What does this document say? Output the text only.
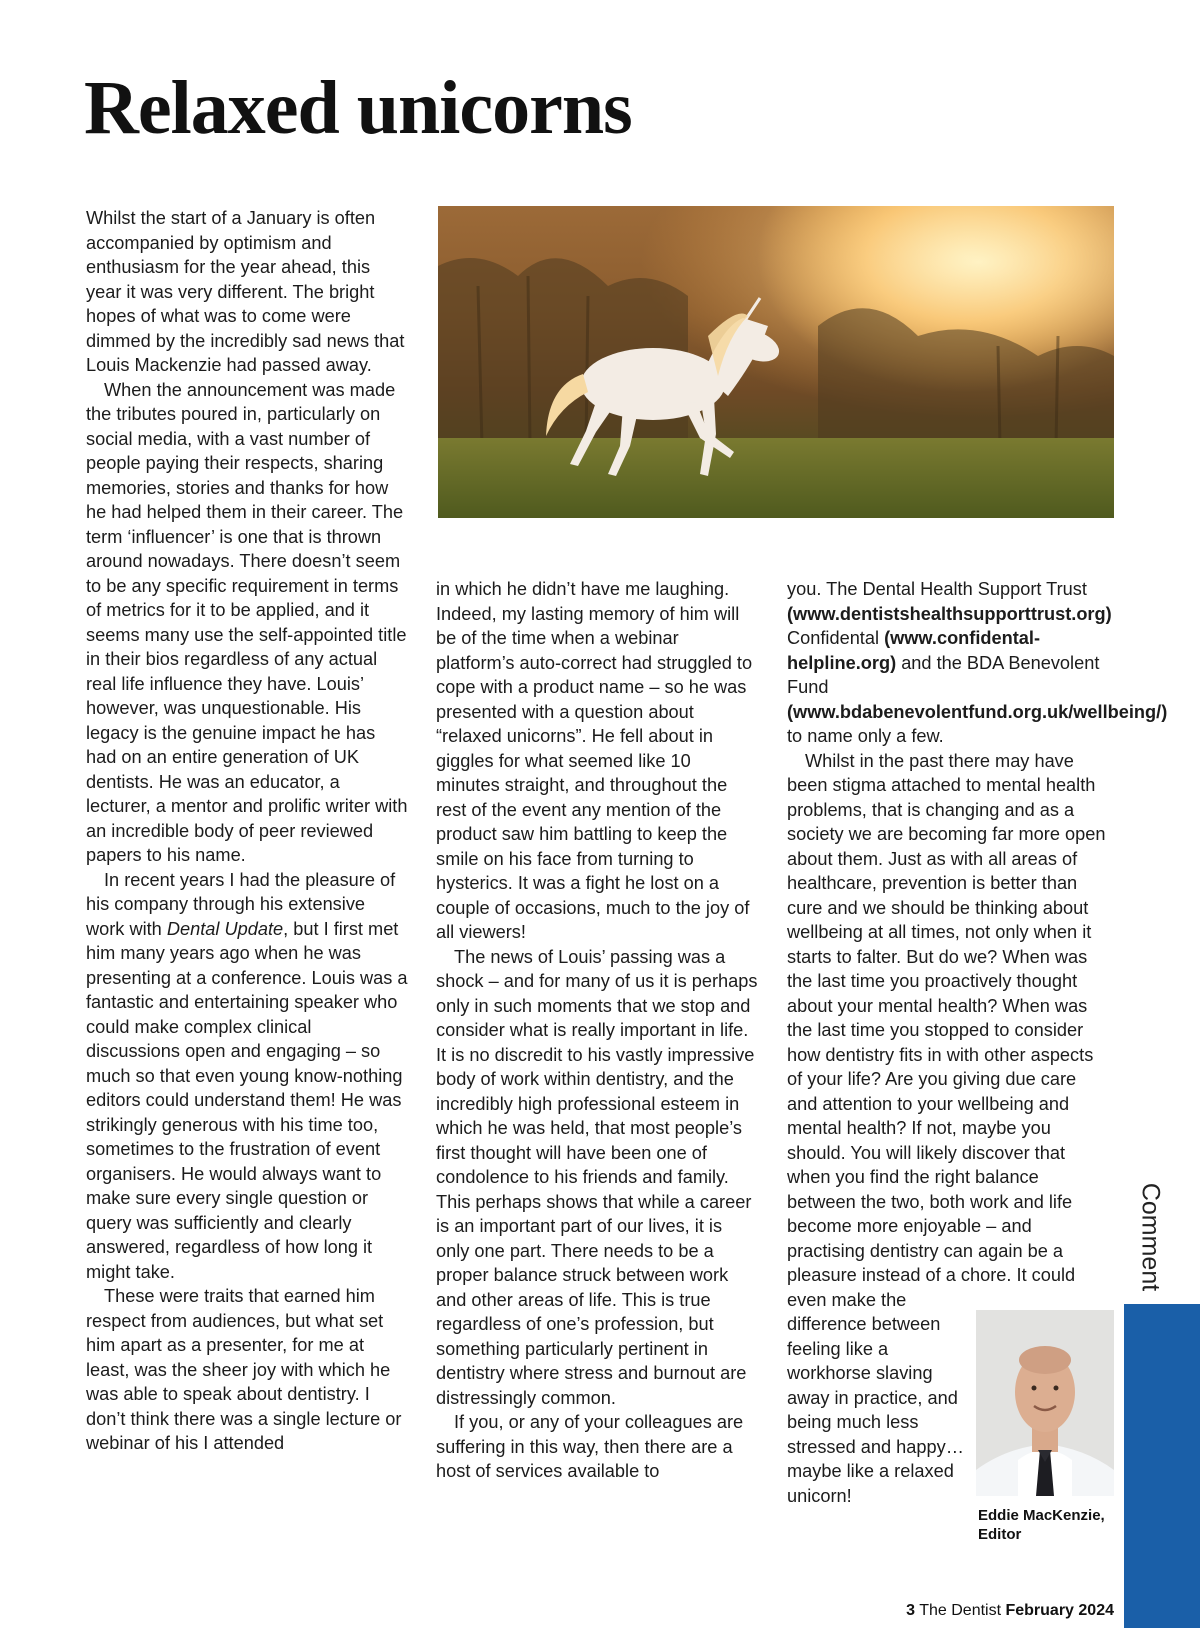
Relaxed unicorns

Whilst the start of a January is often accompanied by optimism and enthusiasm for the year ahead, this year it was very different. The bright hopes of what was to come were dimmed by the incredibly sad news that Louis Mackenzie had passed away.

When the announcement was made the tributes poured in, particularly on social media, with a vast number of people paying their respects, sharing memories, stories and thanks for how he had helped them in their career. The term ‘influencer’ is one that is thrown around nowadays. There doesn’t seem to be any specific requirement in terms of metrics for it to be applied, and it seems many use the self-appointed title in their bios regardless of any actual real life influence they have. Louis’ however, was unquestionable. His legacy is the genuine impact he has had on an entire generation of UK dentists. He was an educator, a lecturer, a mentor and prolific writer with an incredible body of peer reviewed papers to his name.

In recent years I had the pleasure of his company through his extensive work with Dental Update, but I first met him many years ago when he was presenting at a conference. Louis was a fantastic and entertaining speaker who could make complex clinical discussions open and engaging – so much so that even young know-nothing editors could understand them! He was strikingly generous with his time too, sometimes to the frustration of event organisers. He would always want to make sure every single question or query was sufficiently and clearly answered, regardless of how long it might take.

These were traits that earned him respect from audiences, but what set him apart as a presenter, for me at least, was the sheer joy with which he was able to speak about dentistry. I don’t think there was a single lecture or webinar of his I attended

in which he didn’t have me laughing. Indeed, my lasting memory of him will be of the time when a webinar platform’s auto-correct had struggled to cope with a product name – so he was presented with a question about “relaxed unicorns”. He fell about in giggles for what seemed like 10 minutes straight, and throughout the rest of the event any mention of the product saw him battling to keep the smile on his face from turning to hysterics. It was a fight he lost on a couple of occasions, much to the joy of all viewers!

The news of Louis’ passing was a shock – and for many of us it is perhaps only in such moments that we stop and consider what is really important in life. It is no discredit to his vastly impressive body of work within dentistry, and the incredibly high professional esteem in which he was held, that most people’s first thought will have been one of condolence to his friends and family. This perhaps shows that while a career is an important part of our lives, it is only one part. There needs to be a proper balance struck between work and other areas of life. This is true regardless of one’s profession, but something particularly pertinent in dentistry where stress and burnout are distressingly common.

If you, or any of your colleagues are suffering in this way, then there are a host of services available to

you. The Dental Health Support Trust (www.dentistshealthsupporttrust.org) Confidental (www.confidental-helpline.org) and the BDA Benevolent Fund (www.bdabenevolentfund.org.uk/wellbeing/) to name only a few.

Whilst in the past there may have been stigma attached to mental health problems, that is changing and as a society we are becoming far more open about them. Just as with all areas of healthcare, prevention is better than cure and we should be thinking about wellbeing at all times, not only when it starts to falter. But do we? When was the last time you proactively thought about your mental health? When was the last time you stopped to consider how dentistry fits in with other aspects of your life? Are you giving due care and attention to your wellbeing and mental health? If not, maybe you should. You will likely discover that when you find the right balance between the two, both work and life become more enjoyable – and practising dentistry can again be a pleasure instead of a chore. It could

even make the difference between feeling like a workhorse slaving away in practice, and being much less stressed and happy… maybe like a relaxed unicorn!

Eddie MacKenzie,
Editor
Comment
3 The Dentist February 2024
